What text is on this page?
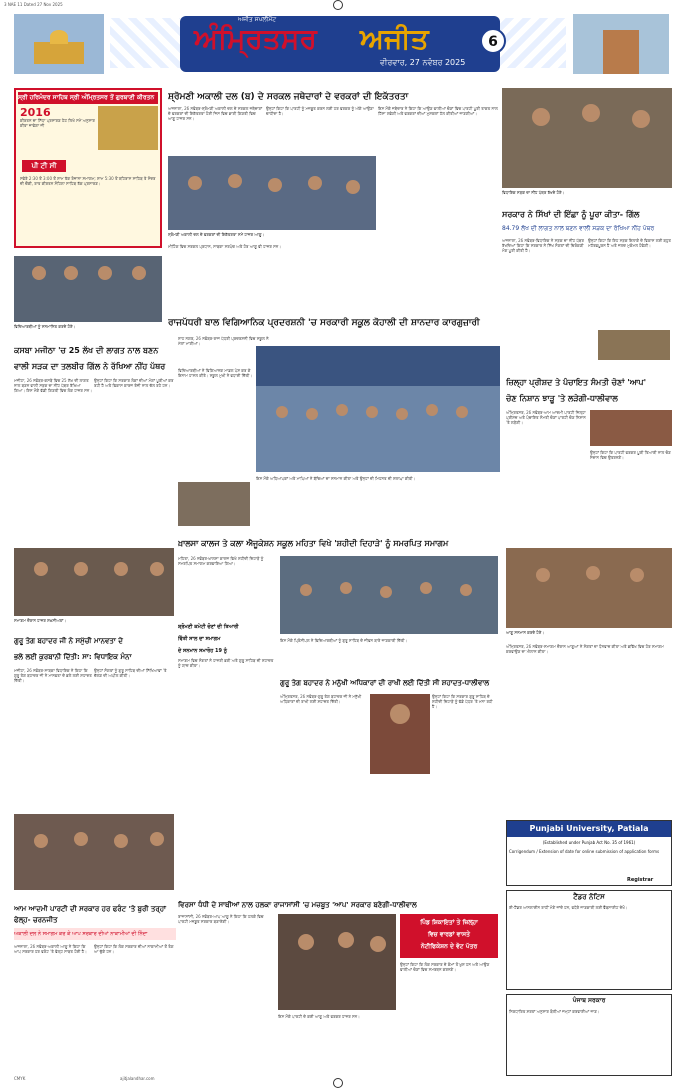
3 NAE 11 Dated 27 Nov 2025
ਅਜੀਤ ਸਪਲੀਮੈਂਟ
ਅੰਮ੍ਰਿਤਸਰ ਅਜੀਤ
ਵੀਰਵਾਰ, 27 ਨਵੰਬਰ 2025
6
ਸ੍ਰੀ ਹਰਿਮੰਦਰ ਸਾਹਿਬ ਸ੍ਰੀ ਅੰਮ੍ਰਿਤਸਰ ਤੋਂ ਗੁਰਬਾਣੀ ਕੀਰਤਨ
2016
ਕੀਰਤਨ ਦਾ ਸਿੱਧਾ ਪ੍ਰਸਾਰਣ ਹੇਠ ਲਿਖੇ ਸਮੇਂ ਅਨੁਸਾਰ ਕੀਤਾ ਜਾਵੇਗਾ ਜੀ
ਪੀ ਟੀ ਸੀ
ਸਵੇਰੇ 2:30 ਤੋਂ 3:00 ਤੋਂ ਸ਼ਾਮ ਤੱਕ ਰੋਜ਼ਾਨਾ ਸਮਾਗਮ; ਸ਼ਾਮ 5:30 ਤੋਂ ਰਹਿਰਾਸ ਸਾਹਿਬ ਤੇ ਸੋਦਰ ਦੀ ਚੌਕੀ, ਰਾਤ ਕੀਰਤਨ ਸੋਹਿਲਾ ਸਾਹਿਬ ਤੱਕ ਪ੍ਰਸਾਰਣ।
ਸ਼੍ਰੋਮਣੀ ਅਕਾਲੀ ਦਲ (ਬ) ਦੇ ਸਰਕਲ ਜਥੇਦਾਰਾਂ ਦੇ ਵਰਕਰਾਂ ਦੀ ਇਕੱਤਰਤਾ
ਅਜਨਾਲਾ, 26 ਨਵੰਬਰ-ਸ਼੍ਰੋਮਣੀ ਅਕਾਲੀ ਦਲ ਦੇ ਸਰਕਲ ਜਥੇਦਾਰਾਂ ਦੇ ਵਰਕਰਾਂ ਦੀ ਇਕੱਤਰਤਾ ਹੋਈ ਜਿਸ ਵਿਚ ਭਾਰੀ ਗਿਣਤੀ ਵਿਚ ਆਗੂ ਹਾਜ਼ਰ ਸਨ।
ਉਨ੍ਹਾਂ ਕਿਹਾ ਕਿ ਪਾਰਟੀ ਨੂੰ ਮਜ਼ਬੂਤ ਕਰਨ ਲਈ ਹਰ ਵਰਕਰ ਨੂੰ ਅੱਗੇ ਆਉਣਾ ਚਾਹੀਦਾ ਹੈ।
ਸ਼੍ਰੋਮਣੀ ਅਕਾਲੀ ਦਲ ਦੇ ਵਰਕਰਾਂ ਦੀ ਇਕੱਤਰਤਾ ਸਮੇਂ ਹਾਜ਼ਰ ਆਗੂ।
ਇਸ ਮੌਕੇ ਜਥੇਦਾਰ ਨੇ ਕਿਹਾ ਕਿ ਆਉਣ ਵਾਲੀਆਂ ਚੋਣਾਂ ਵਿਚ ਪਾਰਟੀ ਪੂਰੀ ਤਾਕਤ ਨਾਲ ਹਿੱਸਾ ਲਵੇਗੀ ਅਤੇ ਵਰਕਰਾਂ ਦੀਆਂ ਮੁਸ਼ਕਲਾਂ ਹੱਲ ਕੀਤੀਆਂ ਜਾਣਗੀਆਂ।
ਮੀਟਿੰਗ ਵਿਚ ਸਰਕਲ ਪ੍ਰਧਾਨ, ਸਾਬਕਾ ਸਰਪੰਚ ਅਤੇ ਹੋਰ ਆਗੂ ਵੀ ਹਾਜ਼ਰ ਸਨ।
ਵਿਧਾਇਕ ਸੜਕ ਦਾ ਨੀਂਹ ਪੱਥਰ ਰੱਖਦੇ ਹੋਏ।
ਸਰਕਾਰ ਨੇ ਸਿੱਖਾਂ ਦੀ ਇੱਛਾ ਨੂੰ ਪੂਰਾ ਕੀਤਾ- ਗਿੱਲ
84.79 ਲੱਖ ਦੀ ਲਾਗਤ ਨਾਲ ਬਣਨ ਵਾਲੀ ਸੜਕ ਦਾ ਰੱਖਿਆ ਨੀਂਹ ਪੱਥਰ
ਅਜਨਾਲਾ, 26 ਨਵੰਬਰ-ਵਿਧਾਇਕ ਨੇ ਸੜਕ ਦਾ ਨੀਂਹ ਪੱਥਰ ਰੱਖਦਿਆਂ ਕਿਹਾ ਕਿ ਸਰਕਾਰ ਨੇ ਸਿੱਖ ਸੰਗਤਾਂ ਦੀ ਚਿਰੋਕਣੀ ਮੰਗ ਪੂਰੀ ਕੀਤੀ ਹੈ।
ਉਨ੍ਹਾਂ ਕਿਹਾ ਕਿ ਇਹ ਸੜਕ ਇਲਾਕੇ ਦੇ ਵਿਕਾਸ ਲਈ ਬਹੁਤ ਮਹੱਤਵਪੂਰਨ ਹੈ ਅਤੇ ਜਲਦ ਮੁਕੰਮਲ ਹੋਵੇਗੀ।
ਵਿਦਿਆਰਥੀਆਂ ਨੂੰ ਸਨਮਾਨਿਤ ਕਰਦੇ ਹੋਏ।	ਰਾਜਪੱਧਰੀ ਬਾਲ ਵਿਗਿਆਨਿਕ ਪ੍ਰਦਰਸ਼ਨੀ 'ਚ ਸਰਕਾਰੀ ਸਕੂਲ ਕੋਹਾਲੀ ਦੀ ਸ਼ਾਨਦਾਰ ਕਾਰਗੁਜ਼ਾਰੀ
ਕਸਬਾ ਮਜੀਠਾ 'ਚ 25 ਲੱਖ ਦੀ ਲਾਗਤ ਨਾਲ ਬਣਨ
ਵਾਲੀ ਸੜਕ ਦਾ ਤਲਬੀਰ ਗਿੱਲ ਨੇ ਰੱਖਿਆ ਨੀਂਹ ਪੱਥਰ
ਮਜੀਠਾ, 26 ਨਵੰਬਰ-ਕਸਬੇ ਵਿਚ 25 ਲੱਖ ਦੀ ਲਾਗਤ ਨਾਲ ਬਣਨ ਵਾਲੀ ਸੜਕ ਦਾ ਨੀਂਹ ਪੱਥਰ ਰੱਖਿਆ ਗਿਆ। ਇਸ ਮੌਕੇ ਵੱਡੀ ਗਿਣਤੀ ਵਿਚ ਲੋਕ ਹਾਜ਼ਰ ਸਨ।
ਉਨ੍ਹਾਂ ਕਿਹਾ ਕਿ ਸਰਕਾਰ ਲੋਕਾਂ ਦੀਆਂ ਮੰਗਾਂ ਪੂਰੀਆਂ ਕਰ ਰਹੀ ਹੈ ਅਤੇ ਵਿਕਾਸ ਕਾਰਜ ਤੇਜ਼ੀ ਨਾਲ ਚੱਲ ਰਹੇ ਹਨ।
ਸ਼ਾਹ ਨਗਰ, 26 ਨਵੰਬਰ-ਰਾਜ ਪੱਧਰੀ ਪ੍ਰਦਰਸ਼ਨੀ ਵਿਚ ਸਕੂਲ ਨੇ ਮੱਲਾਂ ਮਾਰੀਆਂ।
ਵਿਦਿਆਰਥੀਆਂ ਨੇ ਵਿਗਿਆਨਕ ਮਾਡਲ ਪੇਸ਼ ਕਰ ਕੇ ਇਨਾਮ ਹਾਸਲ ਕੀਤੇ। ਸਕੂਲ ਮੁਖੀ ਨੇ ਵਧਾਈ ਦਿੱਤੀ।
ਇਸ ਮੌਕੇ ਅਧਿਆਪਕਾਂ ਅਤੇ ਮਾਪਿਆਂ ਨੇ ਬੱਚਿਆਂ ਦਾ ਸਨਮਾਨ ਕੀਤਾ ਅਤੇ ਉਨ੍ਹਾਂ ਦੀ ਮਿਹਨਤ ਦੀ ਸ਼ਲਾਘਾ ਕੀਤੀ।
ਜ਼ਿਲ੍ਹਾ ਪ੍ਰੀਸ਼ਦ ਤੇ ਪੰਚਾਇਤ ਸੰਮਤੀ ਚੋਣਾਂ 'ਆਪ'
ਚੋਣ ਨਿਸ਼ਾਨ ਝਾੜੂ 'ਤੇ ਲੜੇਗੀ-ਧਾਲੀਵਾਲ
ਅੰਮ੍ਰਿਤਸਰ, 26 ਨਵੰਬਰ-ਆਮ ਆਦਮੀ ਪਾਰਟੀ ਜ਼ਿਲ੍ਹਾ ਪ੍ਰੀਸ਼ਦ ਅਤੇ ਪੰਚਾਇਤ ਸੰਮਤੀ ਚੋਣਾਂ ਪਾਰਟੀ ਚੋਣ ਨਿਸ਼ਾਨ 'ਤੇ ਲੜੇਗੀ।
ਉਨ੍ਹਾਂ ਕਿਹਾ ਕਿ ਪਾਰਟੀ ਵਰਕਰ ਪੂਰੀ ਤਿਆਰੀ ਨਾਲ ਚੋਣ ਮੈਦਾਨ ਵਿਚ ਉਤਰਨਗੇ।
ਸਮਾਗਮ ਦੌਰਾਨ ਹਾਜ਼ਰ ਸ਼ਖ਼ਸੀਅਤਾਂ।
ਖ਼ਾਲਸਾ ਕਾਲਜ ਤੇ ਕਲਾ ਐਜੂਕੇਸ਼ਨ ਸਕੂਲ ਮਹਿਤਾ ਵਿਖੇ 'ਸ਼ਹੀਦੀ ਦਿਹਾੜੇ' ਨੂੰ ਸਮਰਪਿਤ ਸਮਾਗਮ
ਮਹਿਤਾ, 26 ਨਵੰਬਰ-ਖ਼ਾਲਸਾ ਕਾਲਜ ਵਿਖੇ ਸ਼ਹੀਦੀ ਦਿਹਾੜੇ ਨੂੰ ਸਮਰਪਿਤ ਸਮਾਗਮ ਕਰਵਾਇਆ ਗਿਆ।
ਸ਼੍ਰੋਮਣੀ ਕਮੇਟੀ ਚੋਣਾਂ ਦੀ ਤਿਆਰੀ
ਵਿੱਤੀ ਸਾਲ ਦਾ ਸਮਾਗਮ
ਦੇ ਸਨਮਾਨ ਸਮਾਰੋਹ 19 ਨੂੰ
ਸਮਾਗਮ ਵਿਚ ਸੰਗਤਾਂ ਨੇ ਹਾਜ਼ਰੀ ਭਰੀ ਅਤੇ ਗੁਰੂ ਸਾਹਿਬ ਦੀ ਸ਼ਹਾਦਤ ਨੂੰ ਯਾਦ ਕੀਤਾ।
ਇਸ ਮੌਕੇ ਪ੍ਰਿੰਸੀਪਲ ਨੇ ਵਿਦਿਆਰਥੀਆਂ ਨੂੰ ਗੁਰੂ ਸਾਹਿਬ ਦੇ ਜੀਵਨ ਬਾਰੇ ਜਾਣਕਾਰੀ ਦਿੱਤੀ।
ਗੁਰੂ ਤੇਗ ਬਹਾਦਰ ਜੀ ਨੇ ਸਮੁੱਚੀ ਮਾਨਵਤਾ ਦੇ
ਭਲੇ ਲਈ ਕੁਰਬਾਨੀ ਦਿੱਤੀ: ਸਾ: ਵਿਧਾਇਕ ਮੰਨਾ
ਮਜੀਠਾ, 26 ਨਵੰਬਰ-ਸਾਬਕਾ ਵਿਧਾਇਕ ਨੇ ਕਿਹਾ ਕਿ ਗੁਰੂ ਤੇਗ ਬਹਾਦਰ ਜੀ ਨੇ ਮਾਨਵਤਾ ਦੇ ਭਲੇ ਲਈ ਸ਼ਹਾਦਤ ਦਿੱਤੀ।
ਉਨ੍ਹਾਂ ਸੰਗਤਾਂ ਨੂੰ ਗੁਰੂ ਸਾਹਿਬ ਦੀਆਂ ਸਿੱਖਿਆਵਾਂ 'ਤੇ ਚੱਲਣ ਦੀ ਅਪੀਲ ਕੀਤੀ।
ਗੁਰੂ ਤੇਗ ਬਹਾਦਰ ਨੇ ਮਨੁੱਖੀ ਅਧਿਕਾਰਾਂ ਦੀ ਰਾਖੀ ਲਈ ਦਿੱਤੀ ਸੀ ਸ਼ਹਾਦਤ-ਧਾਲੀਵਾਲ
ਅੰਮ੍ਰਿਤਸਰ, 26 ਨਵੰਬਰ-ਗੁਰੂ ਤੇਗ ਬਹਾਦਰ ਜੀ ਨੇ ਮਨੁੱਖੀ ਅਧਿਕਾਰਾਂ ਦੀ ਰਾਖੀ ਲਈ ਸ਼ਹਾਦਤ ਦਿੱਤੀ।
ਉਨ੍ਹਾਂ ਕਿਹਾ ਕਿ ਸਰਕਾਰ ਗੁਰੂ ਸਾਹਿਬ ਦੇ ਸ਼ਹੀਦੀ ਦਿਹਾੜੇ ਨੂੰ ਵੱਡੇ ਪੱਧਰ 'ਤੇ ਮਨਾ ਰਹੀ ਹੈ।
ਆਗੂ ਸਨਮਾਨ ਕਰਦੇ ਹੋਏ।
ਅੰਮ੍ਰਿਤਸਰ, 26 ਨਵੰਬਰ-ਸਮਾਗਮ ਦੌਰਾਨ ਆਗੂਆਂ ਨੇ ਸੰਗਤਾਂ ਦਾ ਧੰਨਵਾਦ ਕੀਤਾ ਅਤੇ ਭਵਿੱਖ ਵਿਚ ਹੋਰ ਸਮਾਗਮ ਕਰਵਾਉਣ ਦਾ ਐਲਾਨ ਕੀਤਾ।
Punjabi University, Patiala
(Established under Punjab Act No. 35 of 1961)
Corrigendum / Extension of date for online submission of application forms
Registrar
ਟੈਂਡਰ ਨੋਟਿਸ
ਈ-ਟੈਂਡਰ ਆਨਲਾਈਨ ਰਾਹੀਂ ਮੰਗੇ ਜਾਂਦੇ ਹਨ, ਵਧੇਰੇ ਜਾਣਕਾਰੀ ਲਈ ਵੈੱਬਸਾਈਟ ਦੇਖੋ।
ਪੰਜਾਬ ਸਰਕਾਰ
ਨਿਰਧਾਰਿਤ ਸ਼ਰਤਾਂ ਅਨੁਸਾਰ ਬੋਲੀਆਂ ਜਮ੍ਹਾਂ ਕਰਵਾਈਆਂ ਜਾਣ।
ਵਿਰਸਾ ਧੰਧੀ ਦੇ ਸਾਥੀਆਂ ਨਾਲ ਹਲਕਾ ਰਾਜਾਸਾਂਸੀ 'ਚ ਮਜ਼ਬੂਤ 'ਆਪ' ਸਰਕਾਰ ਬਣੇਗੀ-ਧਾਲੀਵਾਲ
ਰਾਜਾਸਾਂਸੀ, 26 ਨਵੰਬਰ-ਆਪ ਆਗੂ ਨੇ ਕਿਹਾ ਕਿ ਹਲਕੇ ਵਿਚ ਪਾਰਟੀ ਮਜ਼ਬੂਤ ਸਰਕਾਰ ਬਣਾਏਗੀ।	ਪਿੰਡ ਸ਼ਿਕਾਇਤਾਂ ਤੇ ਜ਼ਿਲ੍ਹਾ
ਵਿਚ ਵਾਰਡਾਂ ਵਾਸਤੇ
ਨੋਟੀਫਿਕੇਸ਼ਨ ਦੇ ਵੋਟ ਪੱਤਰ
ਉਨ੍ਹਾਂ ਕਿਹਾ ਕਿ ਲੋਕ ਸਰਕਾਰ ਦੇ ਕੰਮਾਂ ਤੋਂ ਖ਼ੁਸ਼ ਹਨ ਅਤੇ ਆਉਣ ਵਾਲੀਆਂ ਚੋਣਾਂ ਵਿਚ ਸਮਰਥਨ ਕਰਨਗੇ।
ਇਸ ਮੌਕੇ ਪਾਰਟੀ ਦੇ ਕਈ ਆਗੂ ਅਤੇ ਵਰਕਰ ਹਾਜ਼ਰ ਸਨ।
ਆਮ ਆਦਮੀ ਪਾਰਟੀ ਦੀ ਸਰਕਾਰ ਹਰ ਫਰੰਟ 'ਤੇ ਬੁਰੀ ਤਰ੍ਹਾਂ ਫੇਲ੍ਹ- ਚਰਨਜੀਤ
ਅਕਾਲੀ ਦਲ ਨੇ ਸਮਾਗਮ ਕਰ ਕੇ ਆਪ ਸਰਕਾਰ ਦੀਆਂ ਨਾਕਾਮੀਆਂ ਦੀ ਨਿੰਦਾ
ਅਜਨਾਲਾ, 26 ਨਵੰਬਰ-ਅਕਾਲੀ ਆਗੂ ਨੇ ਕਿਹਾ ਕਿ ਆਪ ਸਰਕਾਰ ਹਰ ਫਰੰਟ 'ਤੇ ਫੇਲ੍ਹ ਸਾਬਤ ਹੋਈ ਹੈ।
ਉਨ੍ਹਾਂ ਕਿਹਾ ਕਿ ਲੋਕ ਸਰਕਾਰ ਦੀਆਂ ਨਾਕਾਮੀਆਂ ਤੋਂ ਤੰਗ ਆ ਚੁੱਕੇ ਹਨ।
CMYK	ajitjalandhar.com
